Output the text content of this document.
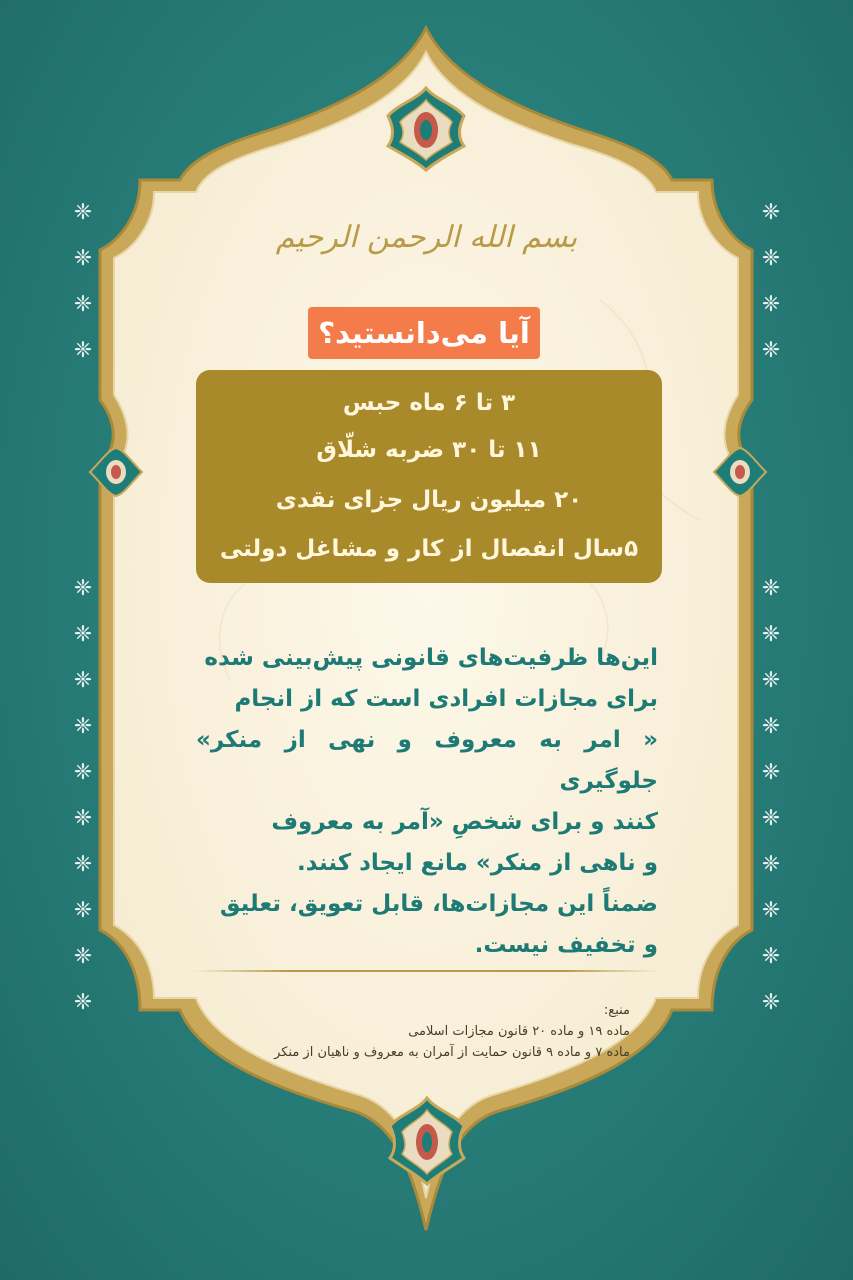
❈
❈
❈
❈
❈
❈
❈
❈
❈
❈
❈
❈
❈
❈
❈
❈
❈
❈
❈
❈
❈
❈
❈
❈
❈
❈
❈
❈
بسم الله الرحمن الرحيم
آیا می‌دانستید؟
۳ تا ۶ ماه حبس
۱۱ تا ۳۰ ضربه شلّاق
۲۰ میلیون ریال جزای نقدی
۵سال انفصال از کار و مشاغل دولتی
این‌ها ظرفیت‌های قانونی پیش‌بینی شده
برای مجازات افرادی است که از انجام
« امر به معروف و نهی از منکر» جلوگیری
کنند و برای شخصِ «آمر به معروف
و ناهی از منکر» مانع ایجاد کنند.
ضمناً این مجازات‌ها، قابل تعویق، تعلیق
و تخفیف نیست.
منبع:
ماده ۱۹ و ماده ۲۰ قانون مجازات اسلامی
ماده ۷ و ماده ۹ قانون حمایت از آمران به معروف و ناهیان از منکر
